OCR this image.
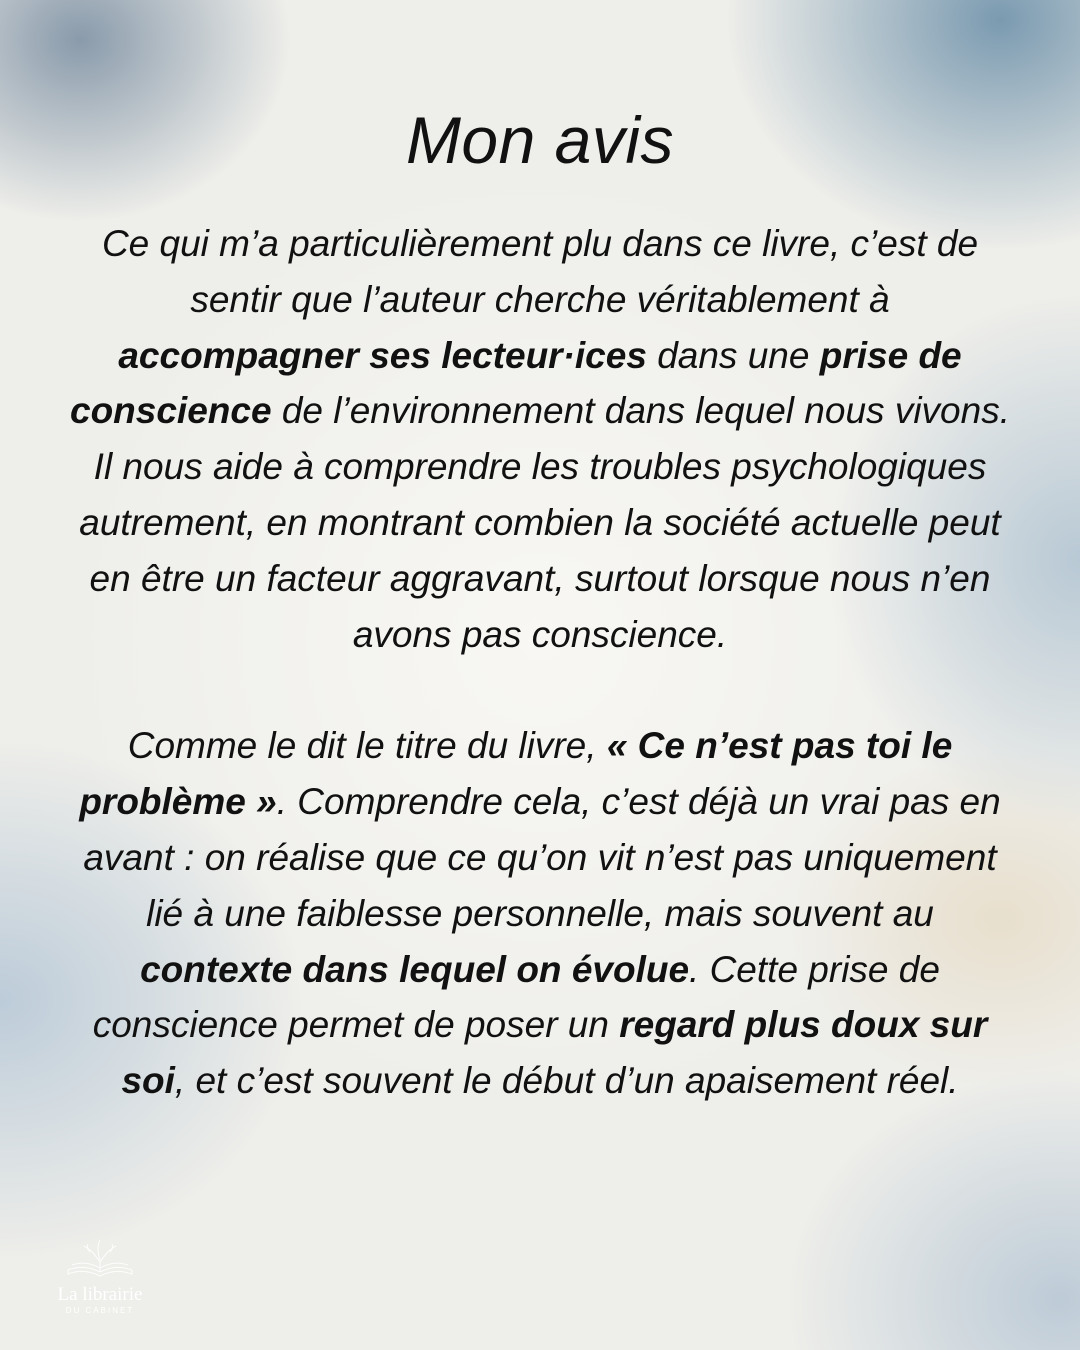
Mon avis

Ce qui m’a particulièrement plu dans ce livre, c’est de sentir que l’auteur cherche véritablement à accompagner ses lecteur·ices dans une prise de conscience de l’environnement dans lequel nous vivons. Il nous aide à comprendre les troubles psychologiques autrement, en montrant combien la société actuelle peut en être un facteur aggravant, surtout lorsque nous n’en avons pas conscience.

Comme le dit le titre du livre, « Ce n’est pas toi le problème ». Comprendre cela, c’est déjà un vrai pas en avant : on réalise que ce qu’on vit n’est pas uniquement lié à une faiblesse personnelle, mais souvent au contexte dans lequel on évolue. Cette prise de conscience permet de poser un regard plus doux sur soi, et c’est souvent le début d’un apaisement réel.

La librairie
DU CABINET
